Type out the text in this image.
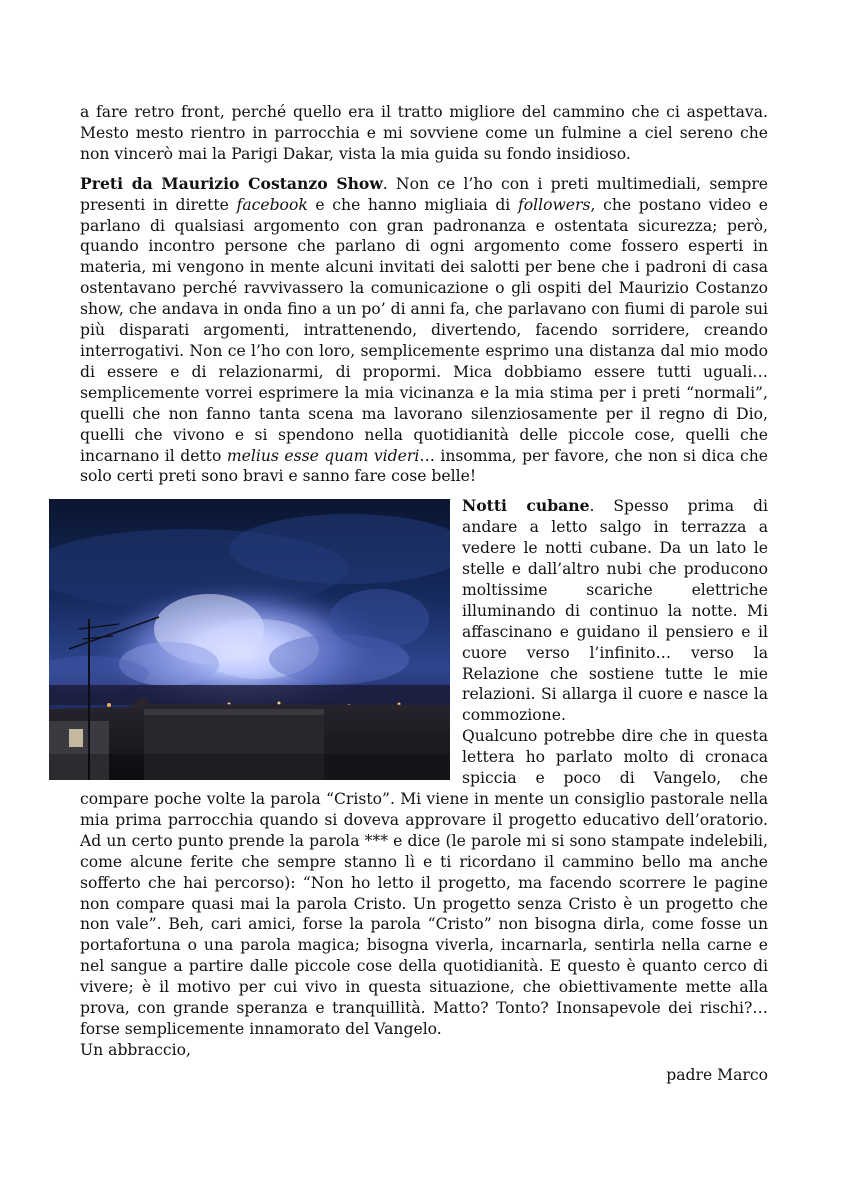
a fare retro front, perché quello era il tratto migliore del cammino che ci aspettava. Mesto mesto rientro in parrocchia e mi sovviene come un fulmine a ciel sereno che non vincerò mai la Parigi Dakar, vista la mia guida su fondo insidioso.

Preti da Maurizio Costanzo Show. Non ce l’ho con i preti multimediali, sempre presenti in dirette facebook e che hanno migliaia di followers, che postano video e parlano di qualsiasi argomento con gran padronanza e ostentata sicurezza; però, quando incontro persone che parlano di ogni argomento come fossero esperti in materia, mi vengono in mente alcuni invitati dei salotti per bene che i padroni di casa ostentavano perché ravvivassero la comunicazione o gli ospiti del Maurizio Costanzo show, che andava in onda fino a un po’ di anni fa, che parlavano con fiumi di parole sui più disparati argomenti, intrattenendo, divertendo, facendo sorridere, creando interrogativi. Non ce l’ho con loro, semplicemente esprimo una distanza dal mio modo di essere e di relazionarmi, di propormi. Mica dobbiamo essere tutti uguali… semplicemente vorrei esprimere la mia vicinanza e la mia stima per i preti “normali”, quelli che non fanno tanta scena ma lavorano silenziosamente per il regno di Dio, quelli che vivono e si spendono nella quotidianità delle piccole cose, quelli che incarnano il detto melius esse quam videri… insomma, per favore, che non si dica che solo certi preti sono bravi e sanno fare cose belle!

Notti cubane. Spesso prima di andare a letto salgo in terrazza a vedere le notti cubane. Da un lato le stelle e dall’altro nubi che producono moltissime scariche elettriche illuminando di continuo la notte. Mi affascinano e guidano il pensiero e il cuore verso l’infinito… verso la Relazione che sostiene tutte le mie relazioni. Si allarga il cuore e nasce la commozione.

Qualcuno potrebbe dire che in questa lettera ho parlato molto di cronaca spiccia e poco di Vangelo, che compare poche volte la parola “Cristo”. Mi viene in mente un consiglio pastorale nella mia prima parrocchia quando si doveva approvare il progetto educativo dell’oratorio. Ad un certo punto prende la parola *** e dice (le parole mi si sono stampate indelebili, come alcune ferite che sempre stanno lì e ti ricordano il cammino bello ma anche sofferto che hai percorso): “Non ho letto il progetto, ma facendo scorrere le pagine non compare quasi mai la parola Cristo. Un progetto senza Cristo è un progetto che non vale”. Beh, cari amici, forse la parola “Cristo” non bisogna dirla, come fosse un portafortuna o una parola magica; bisogna viverla, incarnarla, sentirla nella carne e nel sangue a partire dalle piccole cose della quotidianità. E questo è quanto cerco di vivere; è il motivo per cui vivo in questa situazione, che obiettivamente mette alla prova, con grande speranza e tranquillità. Matto? Tonto? Inonsapevole dei rischi?… forse semplicemente innamorato del Vangelo.

Un abbraccio,

padre Marco
